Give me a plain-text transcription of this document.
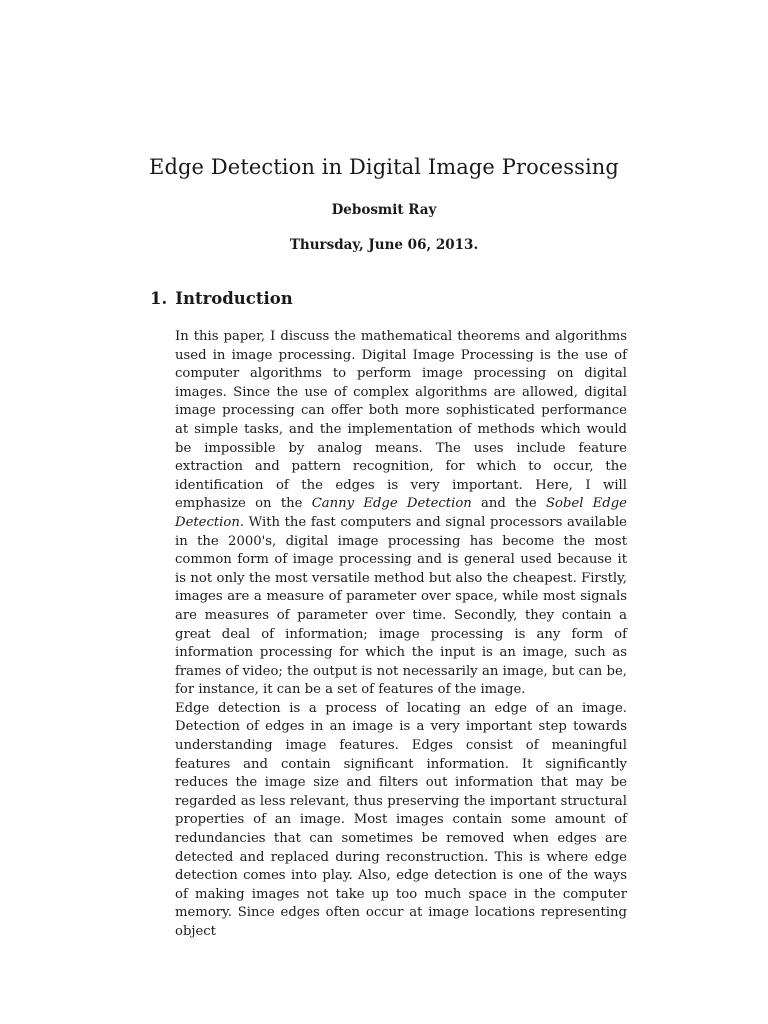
Edge Detection in Digital Image Processing
Debosmit Ray
Thursday, June 06, 2013.
1. Introduction

In this paper, I discuss the mathematical theorems and algorithms used in image processing. Digital Image Processing is the use of computer algorithms to perform image processing on digital images. Since the use of complex algorithms are allowed, digital image processing can offer both more sophisticated performance at simple tasks, and the implementation of methods which would be impossible by analog means. The uses include feature extraction and pattern recognition, for which to occur, the identification of the edges is very important. Here, I will emphasize on the Canny Edge Detection and the Sobel Edge Detection. With the fast computers and signal processors available in the 2000's, digital image processing has become the most common form of image processing and is general used because it is not only the most versatile method but also the cheapest. Firstly, images are a measure of parameter over space, while most signals are measures of parameter over time. Secondly, they contain a great deal of information; image processing is any form of information processing for which the input is an image, such as frames of video; the output is not necessarily an image, but can be, for instance, it can be a set of features of the image.

Edge detection is a process of locating an edge of an image. Detection of edges in an image is a very important step towards understanding image features. Edges consist of meaningful features and contain significant information. It significantly reduces the image size and filters out information that may be regarded as less relevant, thus preserving the important structural properties of an image. Most images contain some amount of redundancies that can sometimes be removed when edges are detected and replaced during reconstruction. This is where edge detection comes into play. Also, edge detection is one of the ways of making images not take up too much space in the computer memory. Since edges often occur at image locations representing object
